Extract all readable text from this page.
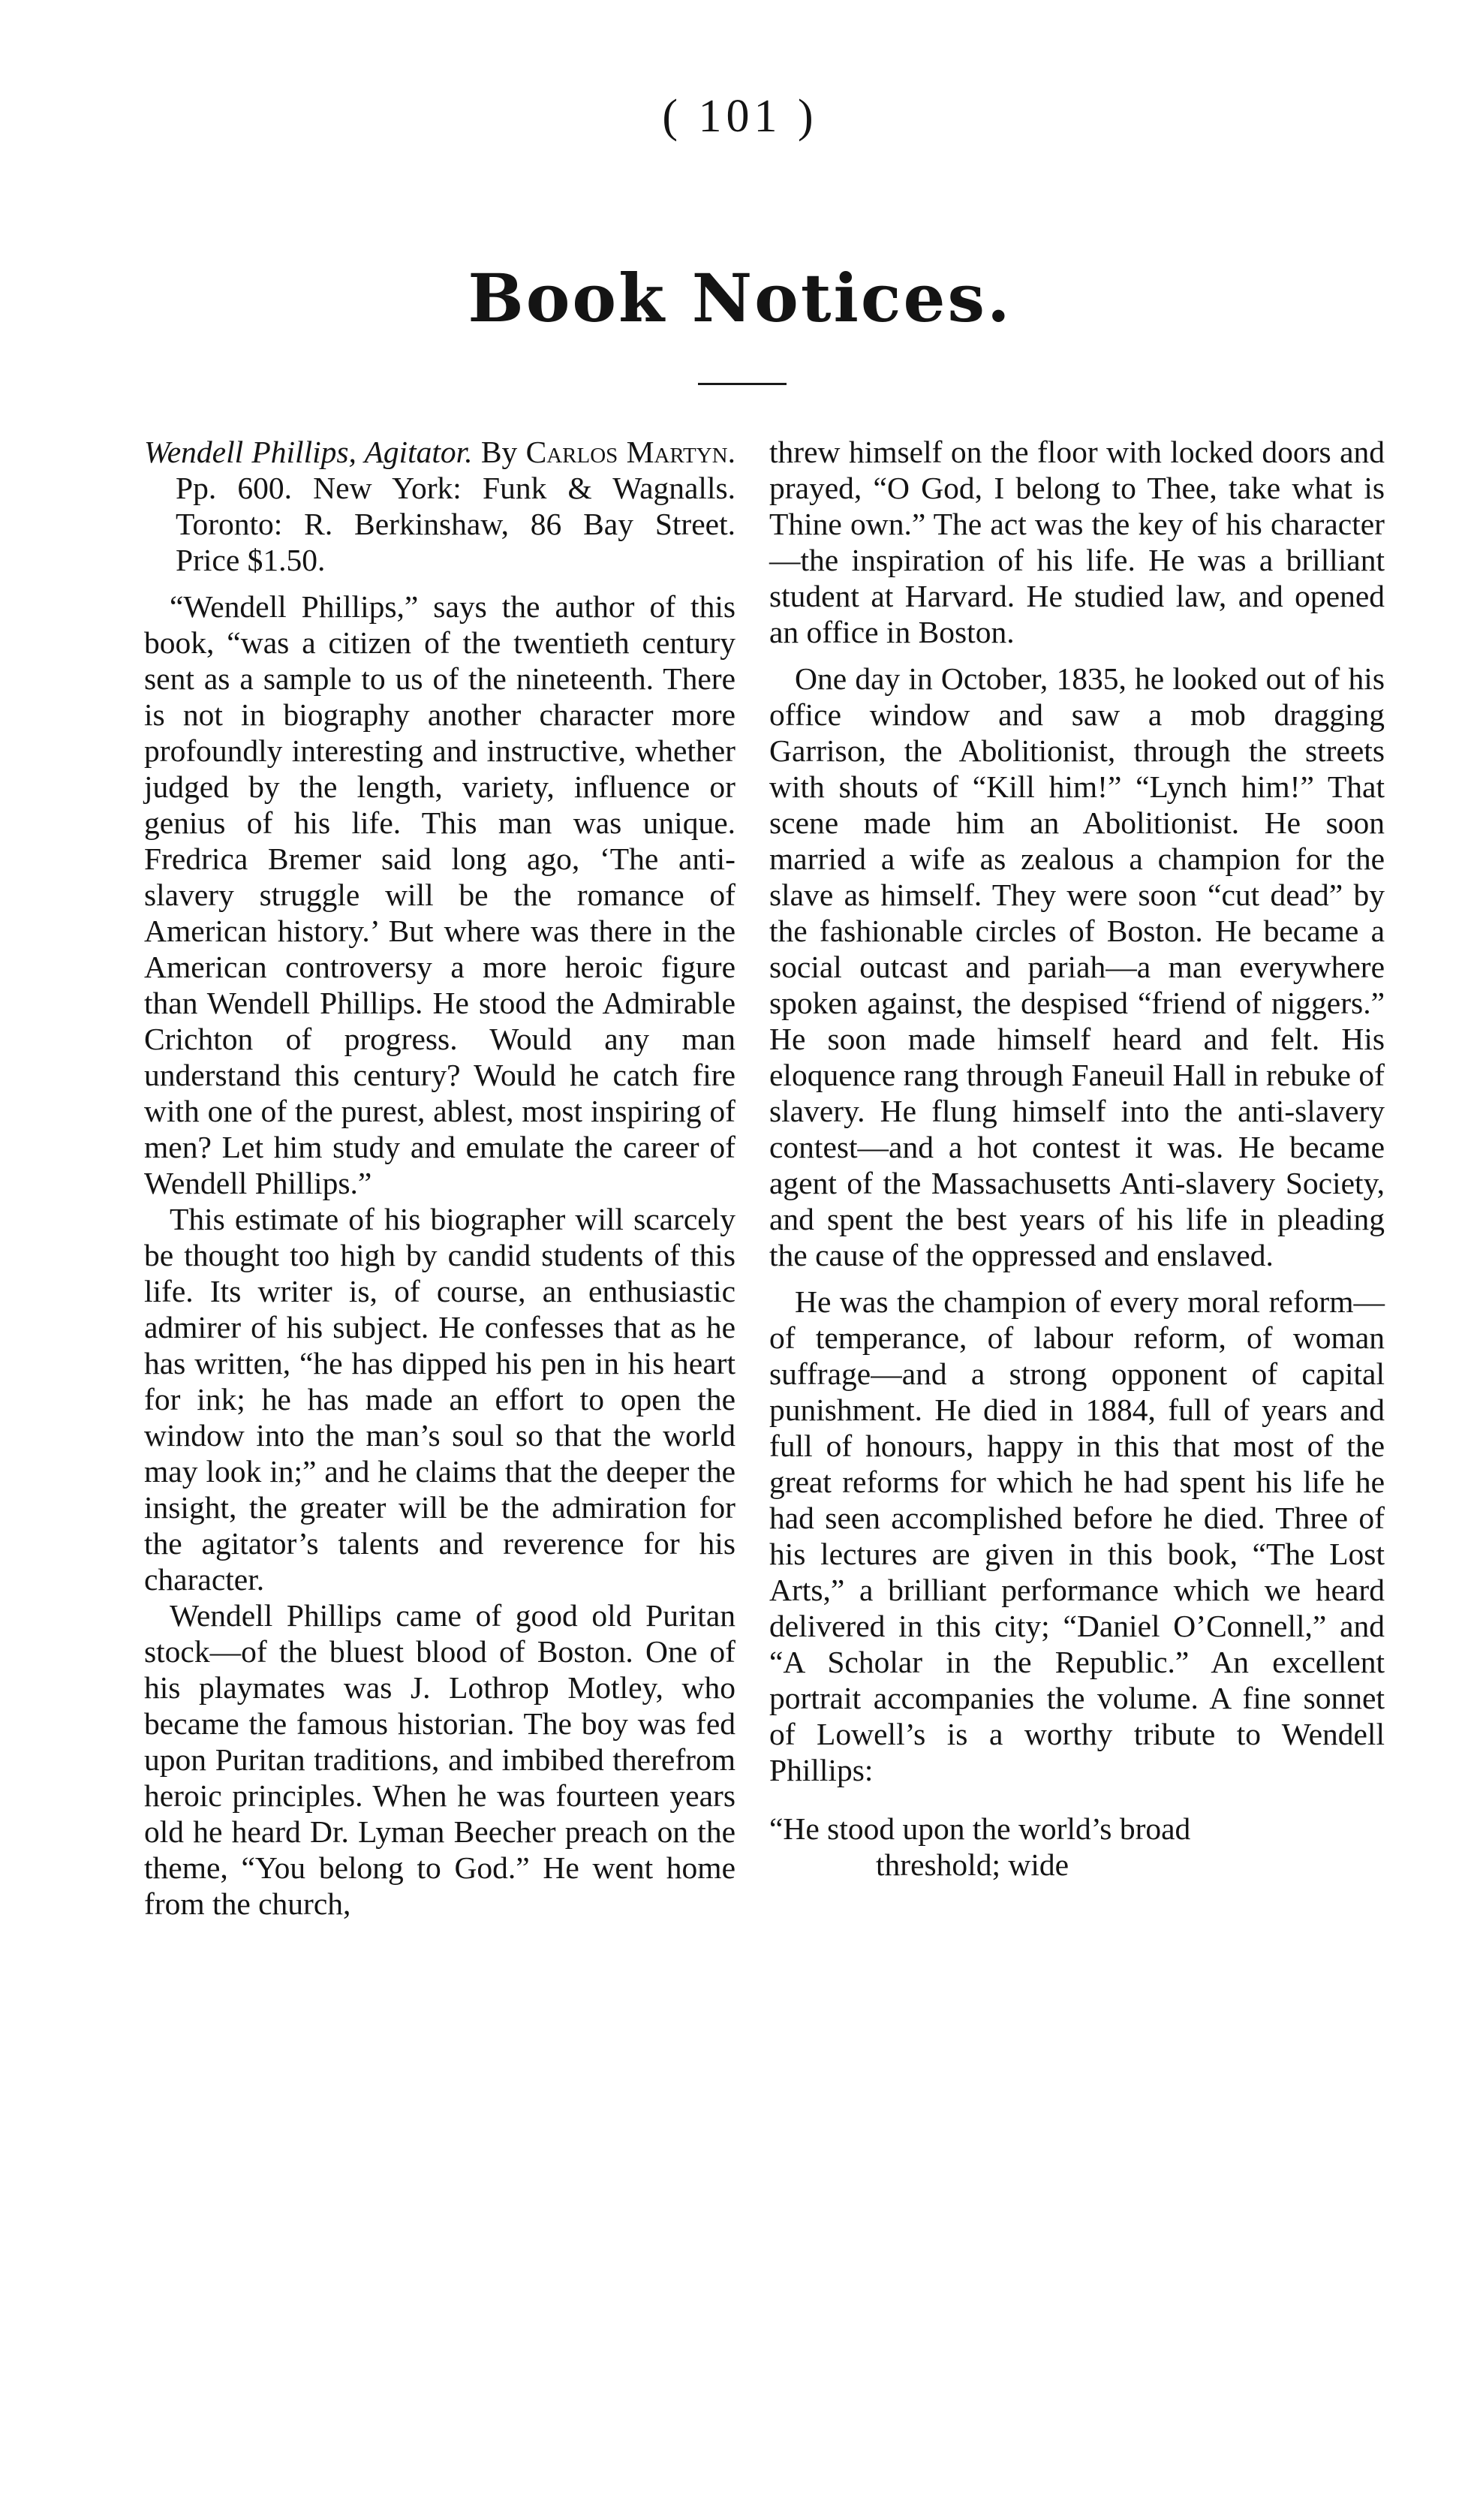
( 101 )
Book Notices.

Wendell Phillips, Agitator. By Carlos Martyn. Pp. 600. New York: Funk & Wagnalls. Toronto: R. Berkinshaw, 86 Bay Street. Price $1.50.

“Wendell Phillips,” says the author of this book, “was a citizen of the twentieth century sent as a sample to us of the nineteenth. There is not in biography another character more profoundly interesting and instructive, whether judged by the length, variety, influence or genius of his life. This man was unique. Fredrica Bremer said long ago, ‘The anti-slavery struggle will be the romance of American history.’ But where was there in the American controversy a more heroic figure than Wendell Phillips. He stood the Admirable Crichton of progress. Would any man understand this century? Would he catch fire with one of the purest, ablest, most inspiring of men? Let him study and emulate the career of Wendell Phillips.”

This estimate of his biographer will scarcely be thought too high by candid students of this life. Its writer is, of course, an enthusiastic admirer of his subject. He confesses that as he has written, “he has dipped his pen in his heart for ink; he has made an effort to open the window into the man’s soul so that the world may look in;” and he claims that the deeper the insight, the greater will be the admiration for the agitator’s talents and reverence for his character.

Wendell Phillips came of good old Puritan stock—of the bluest blood of Boston. One of his playmates was J. Lothrop Motley, who became the famous historian. The boy was fed upon Puritan traditions, and imbibed therefrom heroic principles. When he was fourteen years old he heard Dr. Lyman Beecher preach on the theme, “You belong to God.” He went home from the church,

threw himself on the floor with locked doors and prayed, “O God, I belong to Thee, take what is Thine own.” The act was the key of his character—the inspiration of his life. He was a brilliant student at Harvard. He studied law, and opened an office in Boston.

One day in October, 1835, he looked out of his office window and saw a mob dragging Garrison, the Abolitionist, through the streets with shouts of “Kill him!” “Lynch him!” That scene made him an Abolitionist. He soon married a wife as zealous a champion for the slave as himself. They were soon “cut dead” by the fashionable circles of Boston. He became a social outcast and pariah—a man everywhere spoken against, the despised “friend of niggers.” He soon made himself heard and felt. His eloquence rang through Faneuil Hall in rebuke of slavery. He flung himself into the anti-slavery contest—and a hot contest it was. He became agent of the Massachusetts Anti-slavery Society, and spent the best years of his life in pleading the cause of the oppressed and enslaved.

He was the champion of every moral reform—of temperance, of labour reform, of woman suffrage—and a strong opponent of capital punishment. He died in 1884, full of years and full of honours, happy in this that most of the great reforms for which he had spent his life he had seen accomplished before he died. Three of his lectures are given in this book, “The Lost Arts,” a brilliant performance which we heard delivered in this city; “Daniel O’Connell,” and “A Scholar in the Republic.” An excellent portrait accompanies the volume. A fine sonnet of Lowell’s is a worthy tribute to Wendell Phillips:

“He stood upon the world’s broad
threshold; wide
